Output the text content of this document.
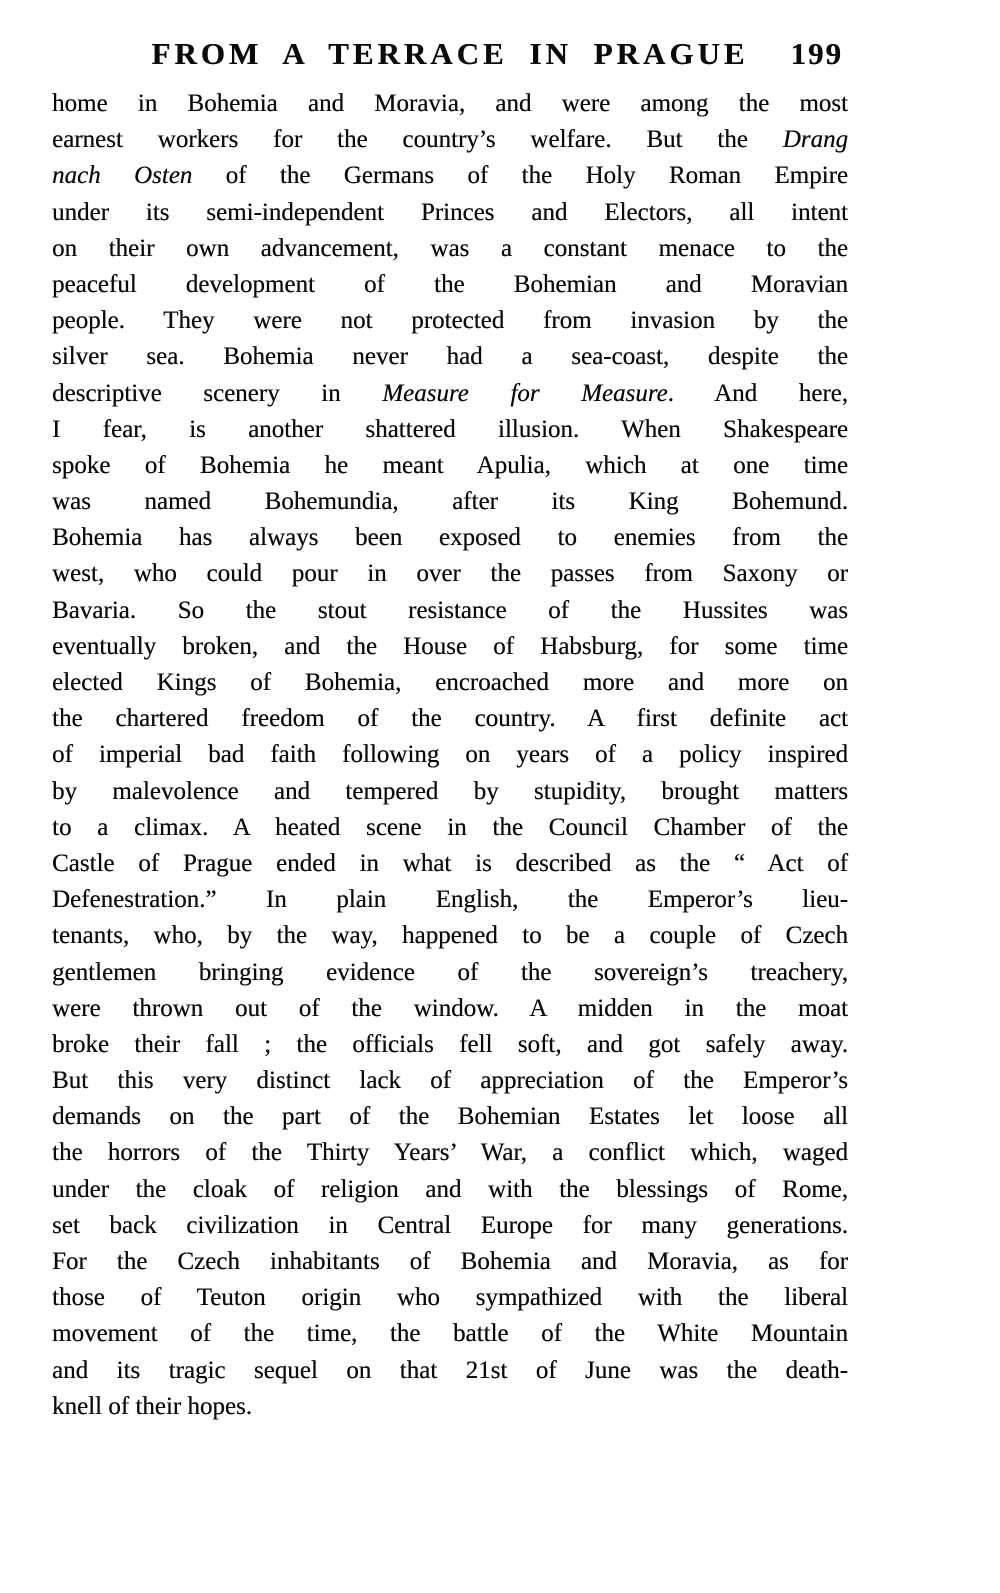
FROM A TERRACE IN PRAGUE	199
home in Bohemia and Moravia, and were among the most
earnest workers for the country’s welfare. But the Drang
nach Osten of the Germans of the Holy Roman Empire
under its semi-independent Princes and Electors, all intent
on their own advancement, was a constant menace to the
peaceful development of the Bohemian and Moravian
people. They were not protected from invasion by the
silver sea. Bohemia never had a sea-coast, despite the
descriptive scenery in Measure for Measure. And here,
I fear, is another shattered illusion. When Shakespeare
spoke of Bohemia he meant Apulia, which at one time
was named Bohemundia, after its King Bohemund.
Bohemia has always been exposed to enemies from the
west, who could pour in over the passes from Saxony or
Bavaria. So the stout resistance of the Hussites was
eventually broken, and the House of Habsburg, for some time
elected Kings of Bohemia, encroached more and more on
the chartered freedom of the country. A first definite act
of imperial bad faith following on years of a policy inspired
by malevolence and tempered by stupidity, brought matters
to a climax. A heated scene in the Council Chamber of the
Castle of Prague ended in what is described as the “ Act of
Defenestration.” In plain English, the Emperor’s lieu-
tenants, who, by the way, happened to be a couple of Czech
gentlemen bringing evidence of the sovereign’s treachery,
were thrown out of the window. A midden in the moat
broke their fall ; the officials fell soft, and got safely away.
But this very distinct lack of appreciation of the Emperor’s
demands on the part of the Bohemian Estates let loose all
the horrors of the Thirty Years’ War, a conflict which, waged
under the cloak of religion and with the blessings of Rome,
set back civilization in Central Europe for many generations.
For the Czech inhabitants of Bohemia and Moravia, as for
those of Teuton origin who sympathized with the liberal
movement of the time, the battle of the White Mountain
and its tragic sequel on that 21st of June was the death-
knell of their hopes.
